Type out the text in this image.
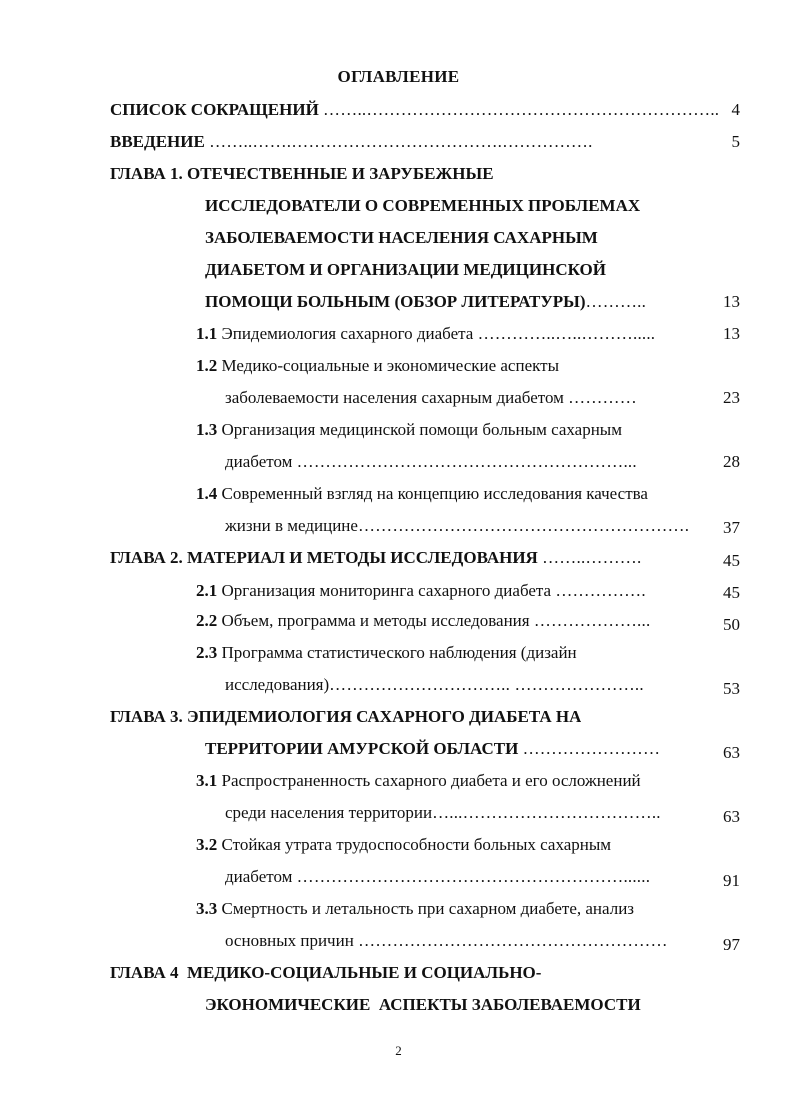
ОГЛАВЛЕНИЕ
СПИСОК СОКРАЩЕНИЙ ……..…………………………………………………….. 4
ВВЕДЕНИЕ ……..…….……………………………….…………….	5
ГЛАВА 1. ОТЕЧЕСТВЕННЫЕ И ЗАРУБЕЖНЫЕ
ИССЛЕДОВАТЕЛИ О СОВРЕМЕННЫХ ПРОБЛЕМАХ
ЗАБОЛЕВАЕМОСТИ НАСЕЛЕНИЯ САХАРНЫМ
ДИАБЕТОМ И ОРГАНИЗАЦИИ МЕДИЦИНСКОЙ
ПОМОЩИ БОЛЬНЫМ (ОБЗОР ЛИТЕРАТУРЫ)………..	13
1.1 Эпидемиология сахарного диабета …………..…..……….....	13
1.2 Медико-социальные и экономические аспекты
заболеваемости населения сахарным диабетом …………	23
1.3 Организация медицинской помощи больным сахарным
диабетом …………………………………………………...	28
1.4 Современный взгляд на концепцию исследования качества
жизни в медицине………………………………………………….	37
ГЛАВА 2. МАТЕРИАЛ И МЕТОДЫ ИССЛЕДОВАНИЯ ……..……….	45
2.1 Организация мониторинга сахарного диабета …………….	45
2.2 Объем, программа и методы исследования ………………...	50
2.3 Программа статистического наблюдения (дизайн
исследования)………………………….. …………………..	53
ГЛАВА 3. ЭПИДЕМИОЛОГИЯ САХАРНОГО ДИАБЕТА НА
ТЕРРИТОРИИ АМУРСКОЙ ОБЛАСТИ ……………………	63
3.1 Распространенность сахарного диабета и его осложнений
среди населения территории…...……………………………..	63
3.2 Стойкая утрата трудоспособности больных сахарным
диабетом …………………………………………………......	91
3.3 Смертность и летальность при сахарном диабете, анализ
основных причин ………………………………………………	97
ГЛАВА 4  МЕДИКО-СОЦИАЛЬНЫЕ И СОЦИАЛЬНО-
ЭКОНОМИЧЕСКИЕ  АСПЕКТЫ ЗАБОЛЕВАЕМОСТИ
2
